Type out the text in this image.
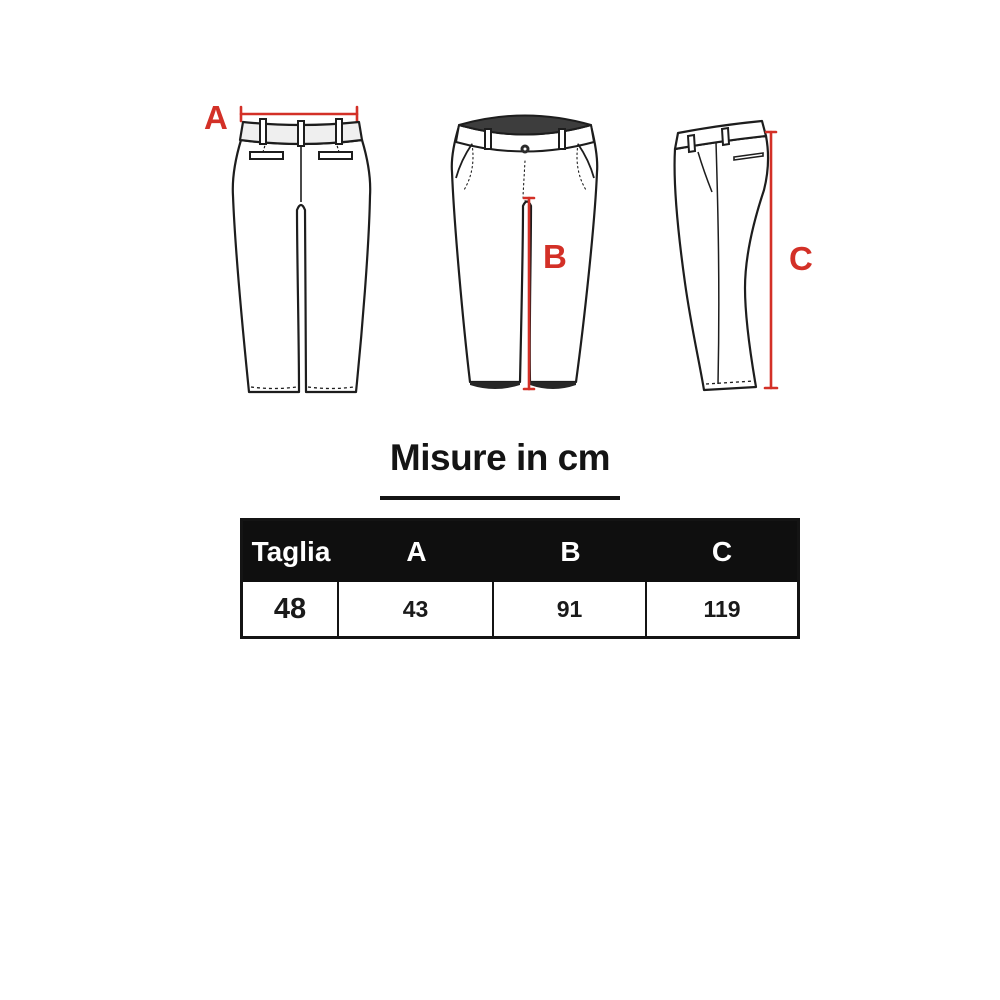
A
B	C
Misure in cm
Taglia	A	B	C
48	43	91	119
